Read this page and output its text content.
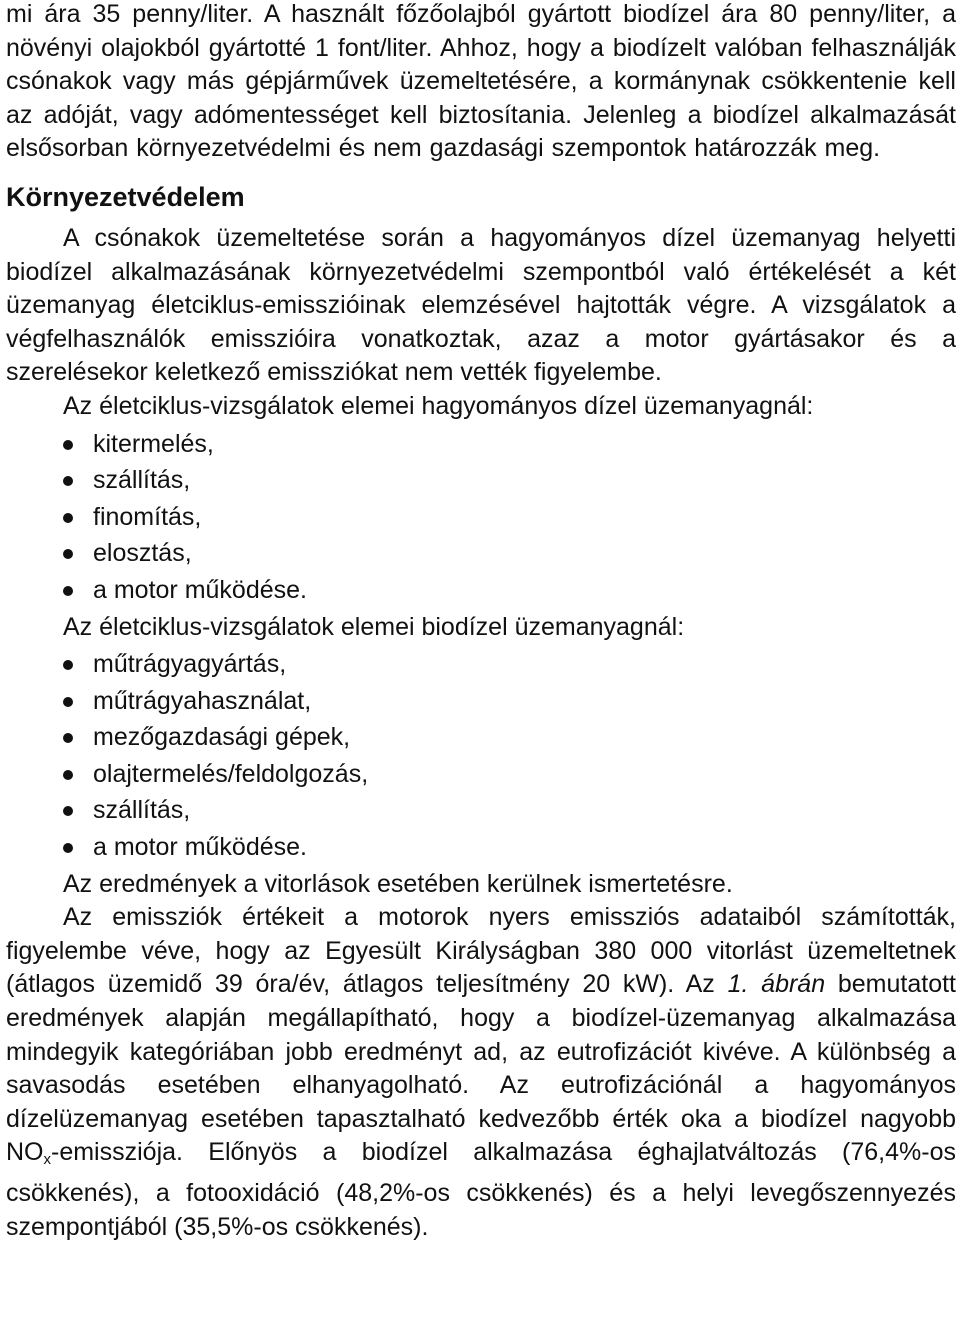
mi ára 35 penny/liter. A használt főzőolajból gyártott biodízel ára 80 penny/liter, a növényi olajokból gyártotté 1 font/liter. Ahhoz, hogy a biodízelt valóban felhasználják csónakok vagy más gépjárművek üzemeltetésére, a kormánynak csökkentenie kell az adóját, vagy adómentességet kell biztosítania. Jelenleg a biodízel alkalmazását elsősorban környezetvédelmi és nem gazdasági szempontok határozzák meg.

Környezetvédelem

A csónakok üzemeltetése során a hagyományos dízel üzemanyag helyetti biodízel alkalmazásának környezetvédelmi szempontból való értékelését a két üzemanyag életciklus-emisszióinak elemzésével hajtották végre. A vizsgálatok a végfelhasználók emisszióira vonatkoztak, azaz a motor gyártásakor és a szerelésekor keletkező emissziókat nem vették figyelembe.

Az életciklus-vizsgálatok elemei hagyományos dízel üzemanyagnál:

kitermelés,
szállítás,
finomítás,
elosztás,
a motor működése.

Az életciklus-vizsgálatok elemei biodízel üzemanyagnál:

műtrágyagyártás,
műtrágyahasználat,
mezőgazdasági gépek,
olajtermelés/feldolgozás,
szállítás,
a motor működése.

Az eredmények a vitorlások esetében kerülnek ismertetésre.

Az emissziók értékeit a motorok nyers emissziós adataiból számították, figyelembe véve, hogy az Egyesült Királyságban 380 000 vitorlást üzemeltetnek (átlagos üzemidő 39 óra/év, átlagos teljesítmény 20 kW). Az 1. ábrán bemutatott eredmények alapján megállapítható, hogy a biodízel-üzemanyag alkalmazása mindegyik kategóriában jobb eredményt ad, az eutrofizációt kivéve. A különbség a savasodás esetében elhanyagolható. Az eutrofizációnál a hagyományos dízelüzemanyag esetében tapasztalható kedvezőbb érték oka a biodízel nagyobb $NO_x$-emissziója. Előnyös a biodízel alkalmazása éghajlatváltozás (76,4%-os csökkenés), a fotooxidáció (48,2%-os csökkenés) és a helyi levegőszennyezés szempontjából (35,5%-os csökkenés).
